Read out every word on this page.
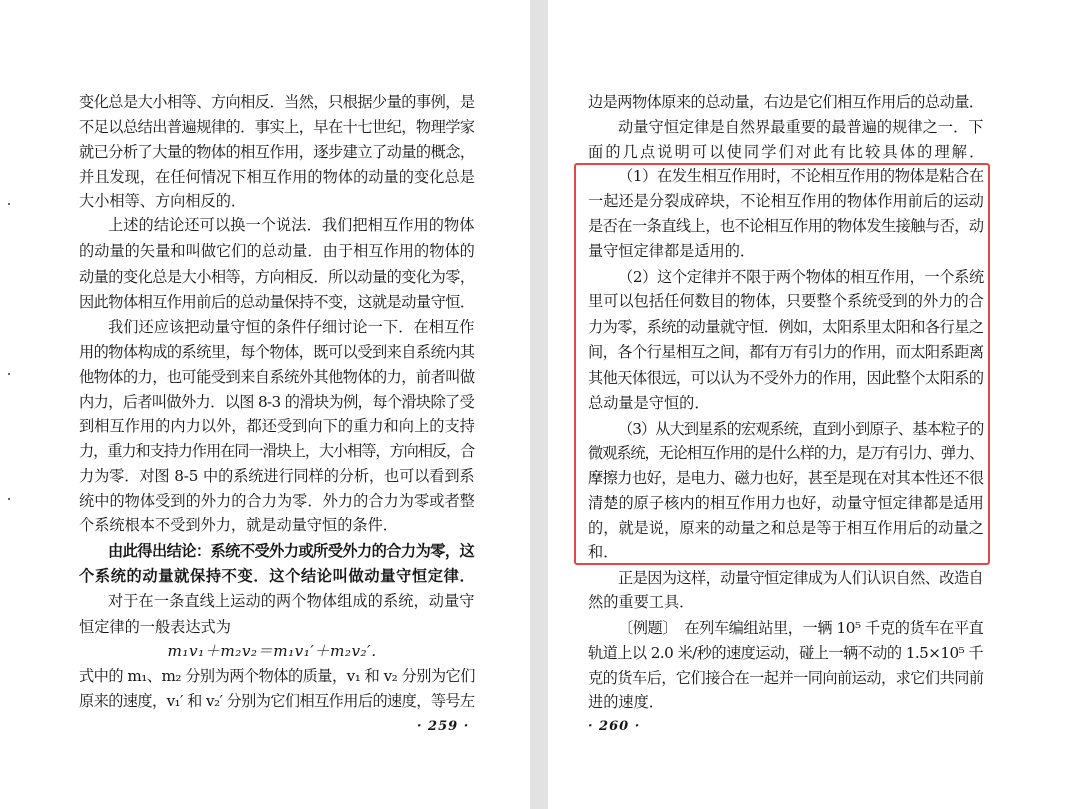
变化总是大小相等、方向相反．当然，只根据少量的事例，是
不足以总结出普遍规律的．事实上，早在十七世纪，物理学家
就已分析了大量的物体的相互作用，逐步建立了动量的概念，
并且发现，在任何情况下相互作用的物体的动量的变化总是
大小相等、方向相反的．
上述的结论还可以换一个说法．我们把相互作用的物体
的动量的矢量和叫做它们的总动量．由于相互作用的物体的
动量的变化总是大小相等，方向相反．所以动量的变化为零，
因此物体相互作用前后的总动量保持不变，这就是动量守恒．
我们还应该把动量守恒的条件仔细讨论一下．在相互作
用的物体构成的系统里，每个物体，既可以受到来自系统内其
他物体的力，也可能受到来自系统外其他物体的力，前者叫做
内力，后者叫做外力．以图 8-3 的滑块为例，每个滑块除了受
到相互作用的内力以外，都还受到向下的重力和向上的支持
力，重力和支持力作用在同一滑块上，大小相等，方向相反，合
力为零．对图 8-5 中的系统进行同样的分析，也可以看到系
统中的物体受到的外力的合力为零．外力的合力为零或者整
个系统根本不受到外力，就是动量守恒的条件．
由此得出结论：系统不受外力或所受外力的合力为零，这
个系统的动量就保持不变．这个结论叫做动量守恒定律．
对于在一条直线上运动的两个物体组成的系统，动量守
恒定律的一般表达式为
m₁v₁＋m₂v₂＝m₁v₁′＋m₂v₂′．
式中的 m₁、m₂ 分别为两个物体的质量，v₁ 和 v₂ 分别为它们
原来的速度，v₁′ 和 v₂′ 分别为它们相互作用后的速度，等号左
· 259 ·
边是两物体原来的总动量，右边是它们相互作用后的总动量．
动量守恒定律是自然界最重要的最普遍的规律之一．下
面的几点说明可以使同学们对此有比较具体的理解．
（1）在发生相互作用时，不论相互作用的物体是粘合在
一起还是分裂成碎块，不论相互作用的物体作用前后的运动
是否在一条直线上，也不论相互作用的物体发生接触与否，动
量守恒定律都是适用的．
（2）这个定律并不限于两个物体的相互作用，一个系统
里可以包括任何数目的物体，只要整个系统受到的外力的合
力为零，系统的动量就守恒．例如，太阳系里太阳和各行星之
间，各个行星相互之间，都有万有引力的作用，而太阳系距离
其他天体很远，可以认为不受外力的作用，因此整个太阳系的
总动量是守恒的．
（3）从大到星系的宏观系统，直到小到原子、基本粒子的
微观系统，无论相互作用的是什么样的力，是万有引力、弹力、
摩擦力也好，是电力、磁力也好，甚至是现在对其本性还不很
清楚的原子核内的相互作用力也好，动量守恒定律都是适用
的，就是说，原来的动量之和总是等于相互作用后的动量之
和．
正是因为这样，动量守恒定律成为人们认识自然、改造自
然的重要工具．
〔例题〕　在列车编组站里，一辆 10⁵ 千克的货车在平直
轨道上以 2.0 米/秒的速度运动，碰上一辆不动的 1.5×10⁵ 千
克的货车后，它们接合在一起并一同向前运动，求它们共同前
进的速度．
· 260 ·
